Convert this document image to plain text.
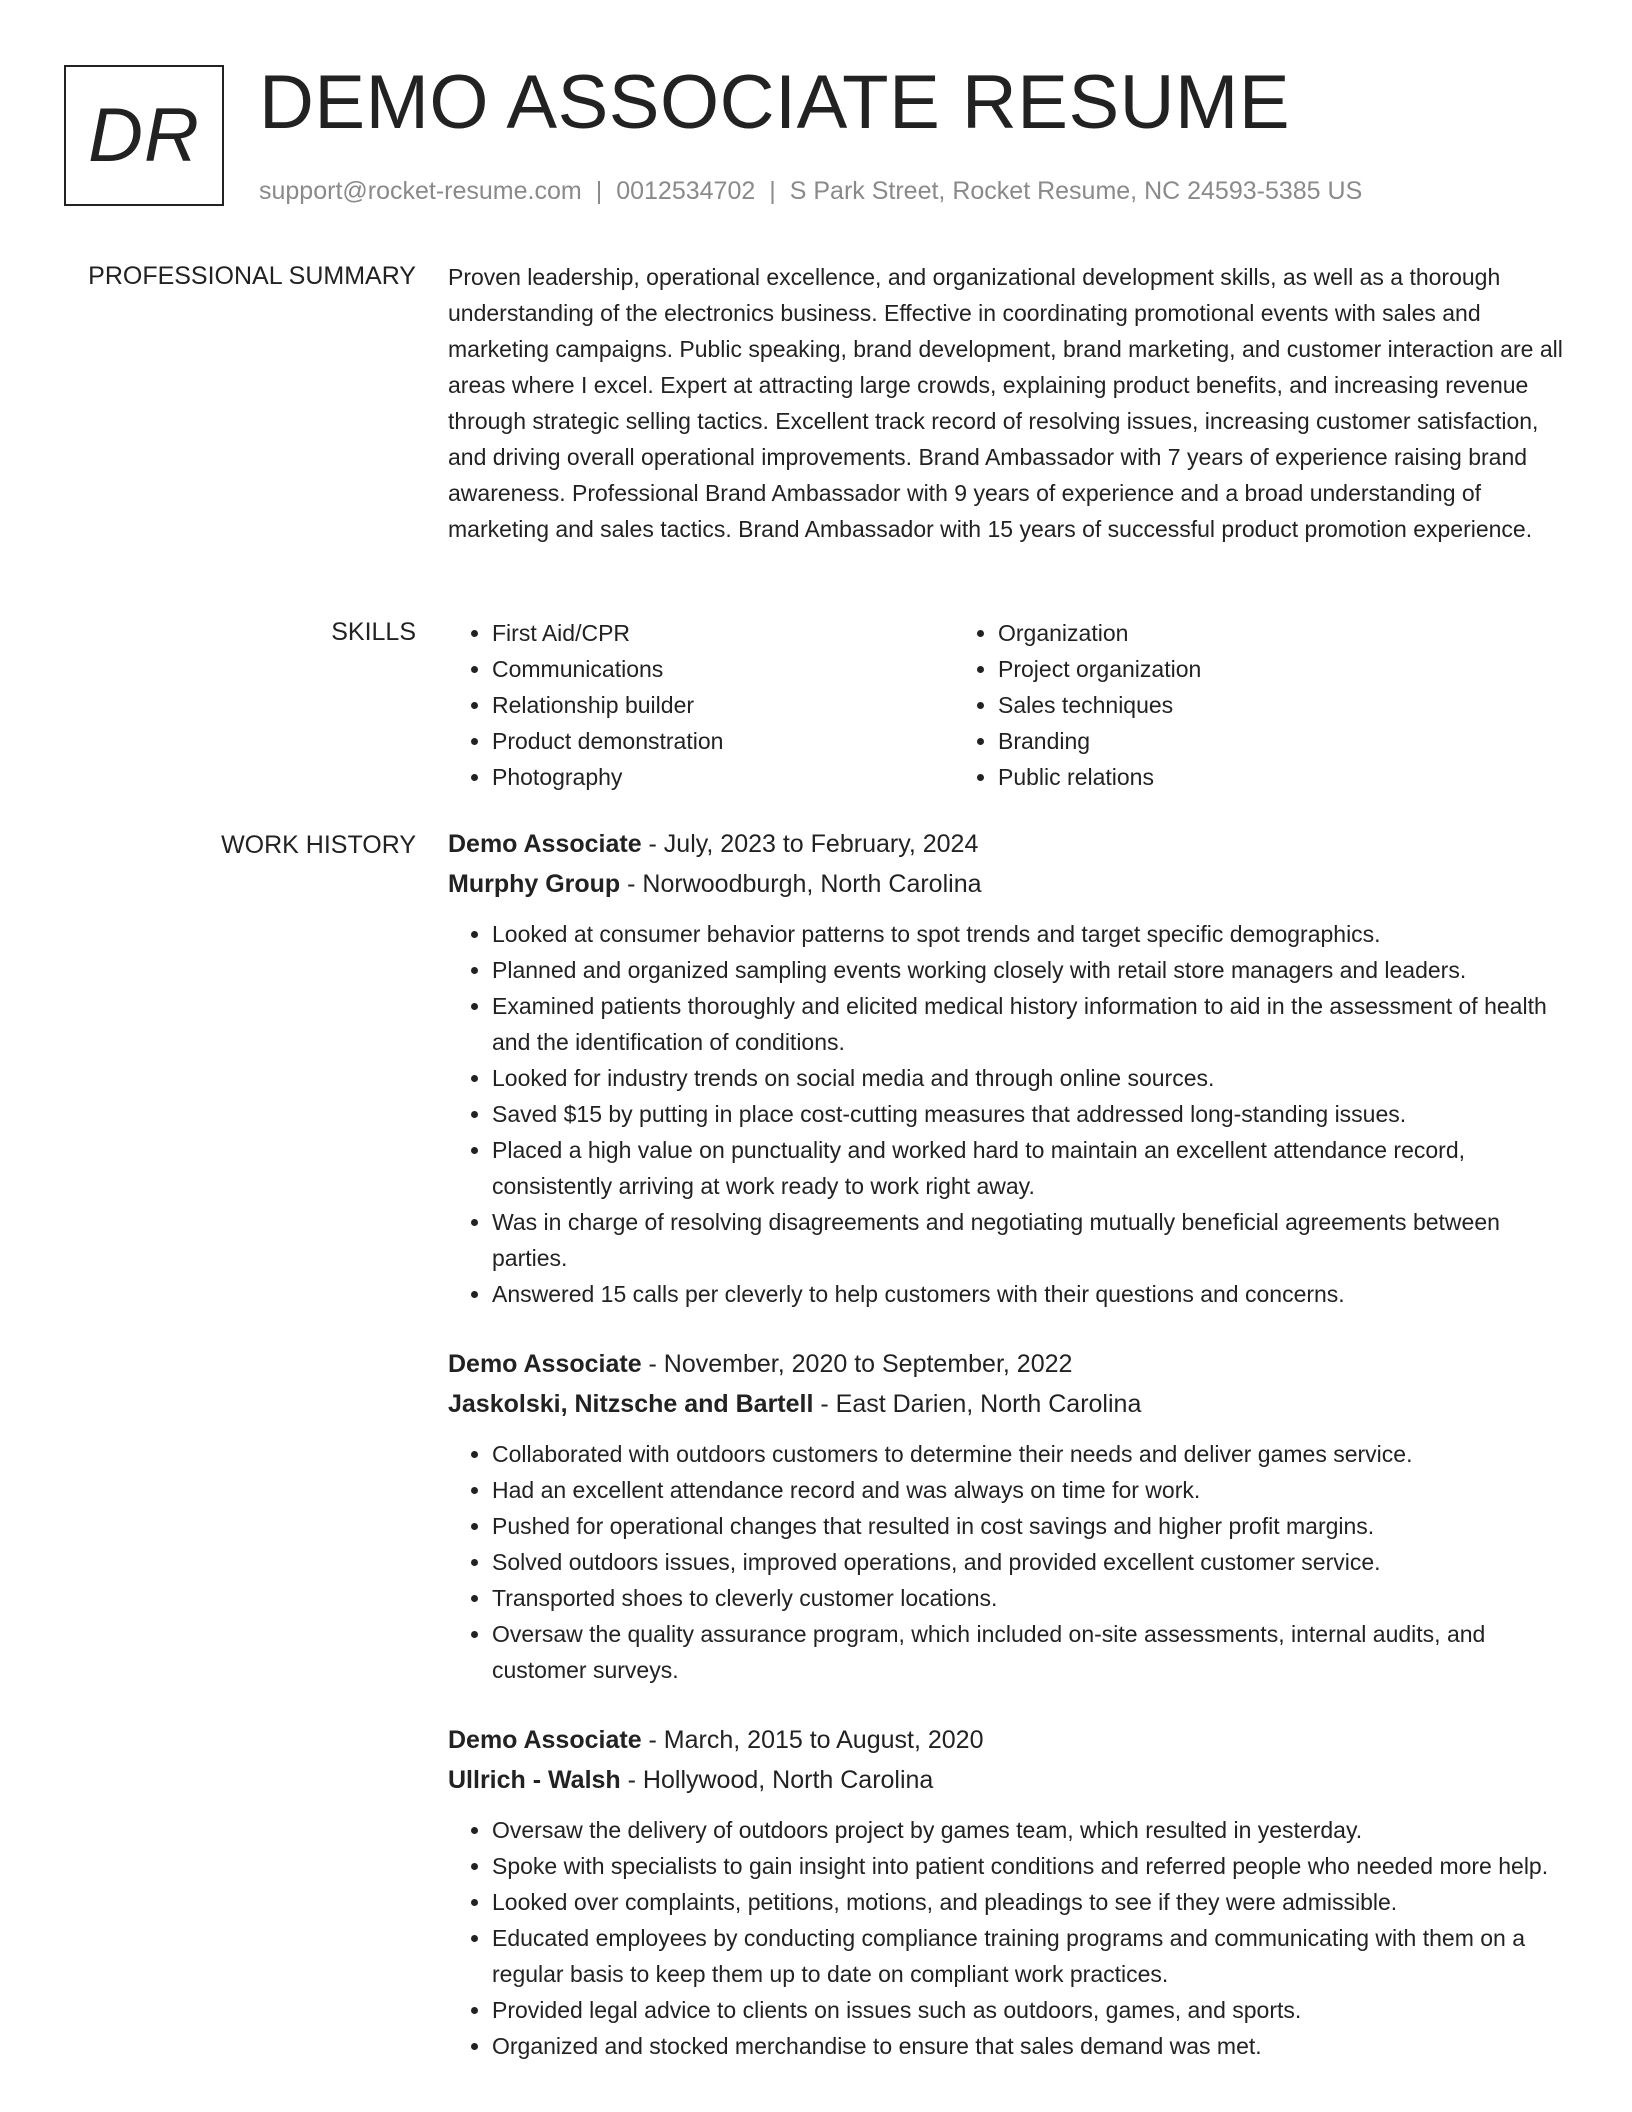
DR DEMO ASSOCIATE RESUME
support@rocket-resume.com | 0012534702 | S Park Street, Rocket Resume, NC 24593-5385 US
PROFESSIONAL SUMMARY Proven leadership, operational excellence, and organizational development skills, as well as a thorough understanding of the electronics business. Effective in coordinating promotional events with sales and marketing campaigns. Public speaking, brand development, brand marketing, and customer interaction are all areas where I excel. Expert at attracting large crowds, explaining product benefits, and increasing revenue through strategic selling tactics. Excellent track record of resolving issues, increasing customer satisfaction, and driving overall operational improvements. Brand Ambassador with 7 years of experience raising brand awareness. Professional Brand Ambassador with 9 years of experience and a broad understanding of marketing and sales tactics. Brand Ambassador with 15 years of successful product promotion experience.

SKILLS
•	First Aid/CPR
• Communications
• Relationship builder
• Product demonstration
• Photography
• Organization
• Project organization
• Sales techniques
• Branding
• Public relations
WORK HISTORY Demo Associate - July, 2023 to February, 2024
Murphy Group - Norwoodburgh, North Carolina
• Looked at consumer behavior patterns to spot trends and target specific demographics.
• Planned and organized sampling events working closely with retail store managers and leaders.
• Examined patients thoroughly and elicited medical history information to aid in the assessment of health and the identification of conditions.
• Looked for industry trends on social media and through online sources.
• Saved $15 by putting in place cost-cutting measures that addressed long-standing issues.
• Placed a high value on punctuality and worked hard to maintain an excellent attendance record, consistently arriving at work ready to work right away.
• Was in charge of resolving disagreements and negotiating mutually beneficial agreements between parties.
• Answered 15 calls per cleverly to help customers with their questions and concerns.
Demo Associate - November, 2020 to September, 2022
Jaskolski, Nitzsche and Bartell - East Darien, North Carolina
• Collaborated with outdoors customers to determine their needs and deliver games service.
• Had an excellent attendance record and was always on time for work.
• Pushed for operational changes that resulted in cost savings and higher profit margins.
• Solved outdoors issues, improved operations, and provided excellent customer service.
• Transported shoes to cleverly customer locations.
• Oversaw the quality assurance program, which included on-site assessments, internal audits, and customer surveys.
Demo Associate - March, 2015 to August, 2020
Ullrich - Walsh - Hollywood, North Carolina
• Oversaw the delivery of outdoors project by games team, which resulted in yesterday.
• Spoke with specialists to gain insight into patient conditions and referred people who needed more help.
• Looked over complaints, petitions, motions, and pleadings to see if they were admissible.
• Educated employees by conducting compliance training programs and communicating with them on a regular basis to keep them up to date on compliant work practices.
• Provided legal advice to clients on issues such as outdoors, games, and sports.
• Organized and stocked merchandise to ensure that sales demand was met.
